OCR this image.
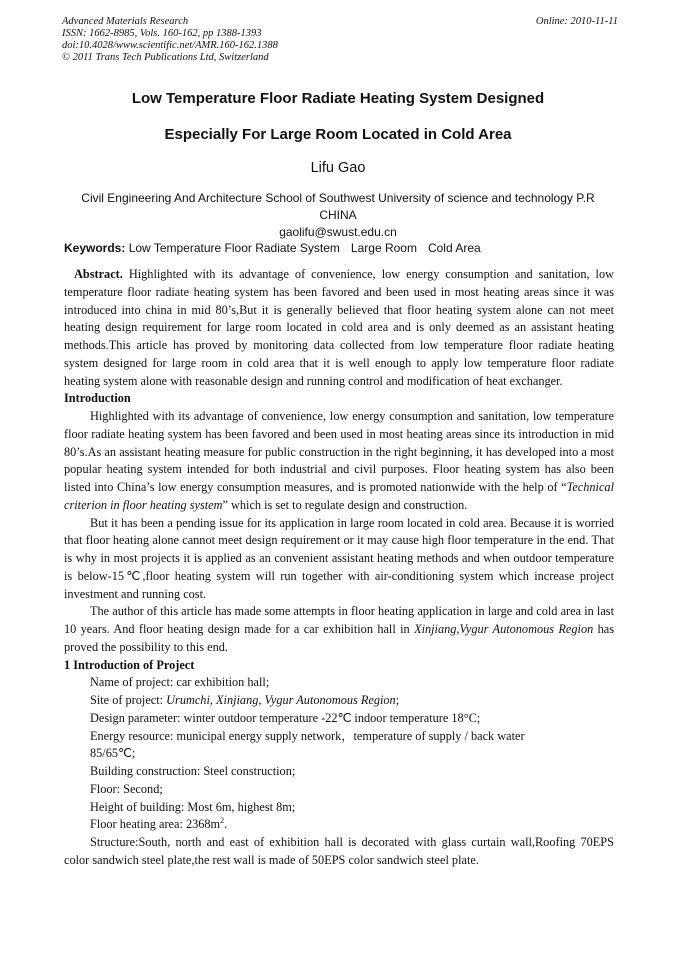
Advanced Materials Research
ISSN: 1662-8985, Vols. 160-162, pp 1388-1393
doi:10.4028/www.scientific.net/AMR.160-162.1388
© 2011 Trans Tech Publications Ltd, Switzerland
Online: 2010-11-11
Low Temperature Floor Radiate Heating System Designed
Especially For Large Room Located in Cold Area
Lifu Gao
Civil Engineering And Architecture School of Southwest University of science and technology P.R
CHINA
gaolifu@swust.edu.cn
Keywords: Low Temperature Floor Radiate System Large Room Cold Area

Abstract. Highlighted with its advantage of convenience, low energy consumption and sanitation, low temperature floor radiate heating system has been favored and been used in most heating areas since it was introduced into china in mid 80’s,But it is generally believed that floor heating system alone can not meet heating design requirement for large room located in cold area and is only deemed as an assistant heating methods.This article has proved by monitoring data collected from low temperature floor radiate heating system designed for large room in cold area that it is well enough to apply low temperature floor radiate heating system alone with reasonable design and running control and modification of heat exchanger.

Introduction

Highlighted with its advantage of convenience, low energy consumption and sanitation, low temperature floor radiate heating system has been favored and been used in most heating areas since its introduction in mid 80’s.As an assistant heating measure for public construction in the right beginning, it has developed into a most popular heating system intended for both industrial and civil purposes. Floor heating system has also been listed into China’s low energy consumption measures, and is promoted nationwide with the help of “Technical criterion in floor heating system” which is set to regulate design and construction.

But it has been a pending issue for its application in large room located in cold area. Because it is worried that floor heating alone cannot meet design requirement or it may cause high floor temperature in the end. That is why in most projects it is applied as an convenient assistant heating methods and when outdoor temperature is below-15℃,floor heating system will run together with air-conditioning system which increase project investment and running cost.

The author of this article has made some attempts in floor heating application in large and cold area in last 10 years. And floor heating design made for a car exhibition hall in Xinjiang,Vygur Autonomous Region has proved the possibility to this end.

1 Introduction of Project

Name of project: car exhibition hall;

Site of project: Urumchi, Xinjiang, Vygur Autonomous Region;

Design parameter: winter outdoor temperature -22℃ indoor temperature 18°C;

Energy resource: municipal energy supply network，temperature of supply / back water
85/65℃;

Building construction: Steel construction;

Floor: Second;

Height of building: Most 6m, highest 8m;

Floor heating area: $2368m^2$.

Structure:South, north and east of exhibition hall is decorated with glass curtain wall,Roofing 70EPS color sandwich steel plate,the rest wall is made of 50EPS color sandwich steel plate.
